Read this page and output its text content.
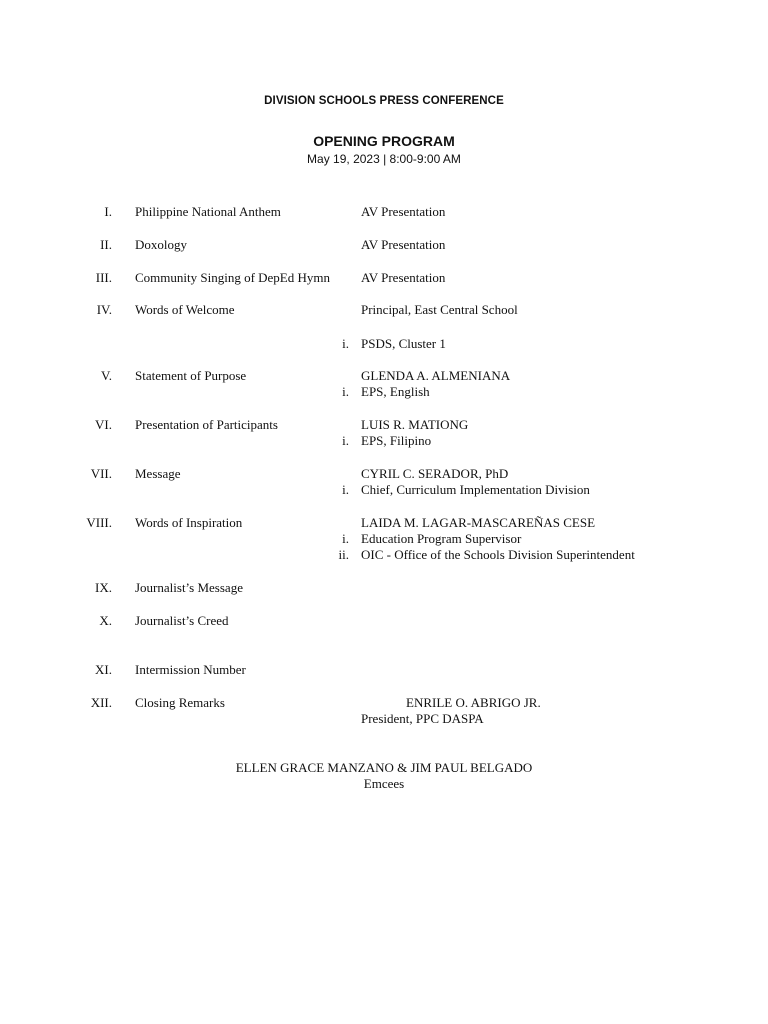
DIVISION SCHOOLS PRESS CONFERENCE
OPENING PROGRAM
May 19, 2023 | 8:00-9:00 AM
I. Philippine National Anthem	AV Presentation
II. Doxology	AV Presentation
III. Community Singing of DepEd Hymn AV Presentation
IV. Words of Welcome	Principal, East Central School
i. PSDS, Cluster 1
V. Statement of Purpose	GLENDA A. ALMENIANA
i. EPS, English
VI. Presentation of Participants	LUIS R. MATIONG
i. EPS, Filipino
VII. Message	CYRIL C. SERADOR, PhD
i. Chief, Curriculum Implementation Division
VIII. Words of Inspiration	LAIDA M. LAGAR-MASCAREÑAS CESE
i. Education Program Supervisor
ii. OIC - Office of the Schools Division Superintendent
IX. Journalist’s Message
X. Journalist’s Creed
XI. Intermission Number
XII. Closing Remarks	ENRILE O. ABRIGO JR.
President, PPC DASPA
ELLEN GRACE MANZANO & JIM PAUL BELGADO
Emcees
